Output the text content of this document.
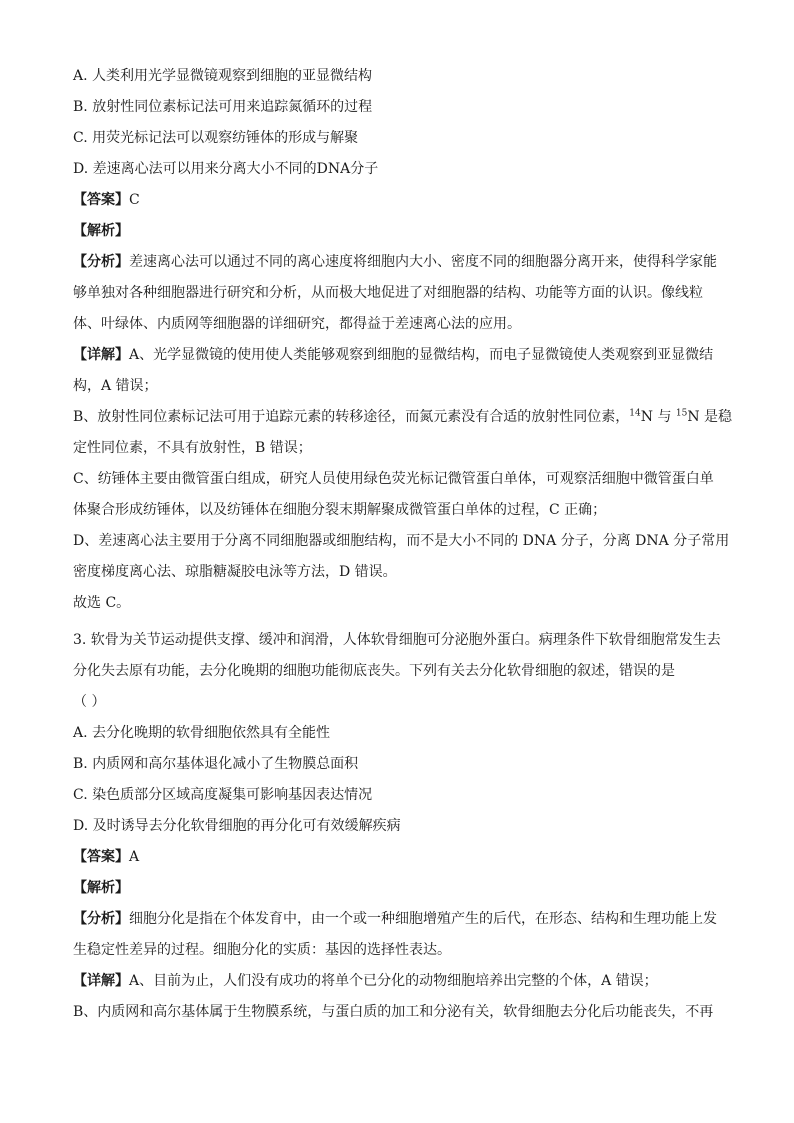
A. 人类利用光学显微镜观察到细胞的亚显微结构
B. 放射性同位素标记法可用来追踪氮循环的过程
C. 用荧光标记法可以观察纺锤体的形成与解聚
D. 差速离心法可以用来分离大小不同的DNA分子
【答案】C
【解析】
【分析】差速离心法可以通过不同的离心速度将细胞内大小、密度不同的细胞器分离开来，使得科学家能
够单独对各种细胞器进行研究和分析，从而极大地促进了对细胞器的结构、功能等方面的认识。像线粒
体、叶绿体、内质网等细胞器的详细研究，都得益于差速离心法的应用。
【详解】A、光学显微镜的使用使人类能够观察到细胞的显微结构，而电子显微镜使人类观察到亚显微结
构，A 错误；
B、放射性同位素标记法可用于追踪元素的转移途径，而氮元素没有合适的放射性同位素，$^{14}$N 与 $^{15}$N 是稳
定性同位素，不具有放射性，B 错误；
C、纺锤体主要由微管蛋白组成，研究人员使用绿色荧光标记微管蛋白单体，可观察活细胞中微管蛋白单
体聚合形成纺锤体，以及纺锤体在细胞分裂末期解聚成微管蛋白单体的过程，C 正确；
D、差速离心法主要用于分离不同细胞器或细胞结构，而不是大小不同的 DNA 分子，分离 DNA 分子常用
密度梯度离心法、琼脂糖凝胶电泳等方法，D 错误。
故选 C。
3. 软骨为关节运动提供支撑、缓冲和润滑，人体软骨细胞可分泌胞外蛋白。病理条件下软骨细胞常发生去
分化失去原有功能，去分化晚期的细胞功能彻底丧失。下列有关去分化软骨细胞的叙述，错误的是
（ ）
A. 去分化晚期的软骨细胞依然具有全能性
B. 内质网和高尔基体退化减小了生物膜总面积
C. 染色质部分区域高度凝集可影响基因表达情况
D. 及时诱导去分化软骨细胞的再分化可有效缓解疾病
【答案】A
【解析】
【分析】细胞分化是指在个体发育中，由一个或一种细胞增殖产生的后代，在形态、结构和生理功能上发
生稳定性差异的过程。细胞分化的实质：基因的选择性表达。
【详解】A、目前为止，人们没有成功的将单个已分化的动物细胞培养出完整的个体，A 错误；
B、内质网和高尔基体属于生物膜系统，与蛋白质的加工和分泌有关，软骨细胞去分化后功能丧失，不再
